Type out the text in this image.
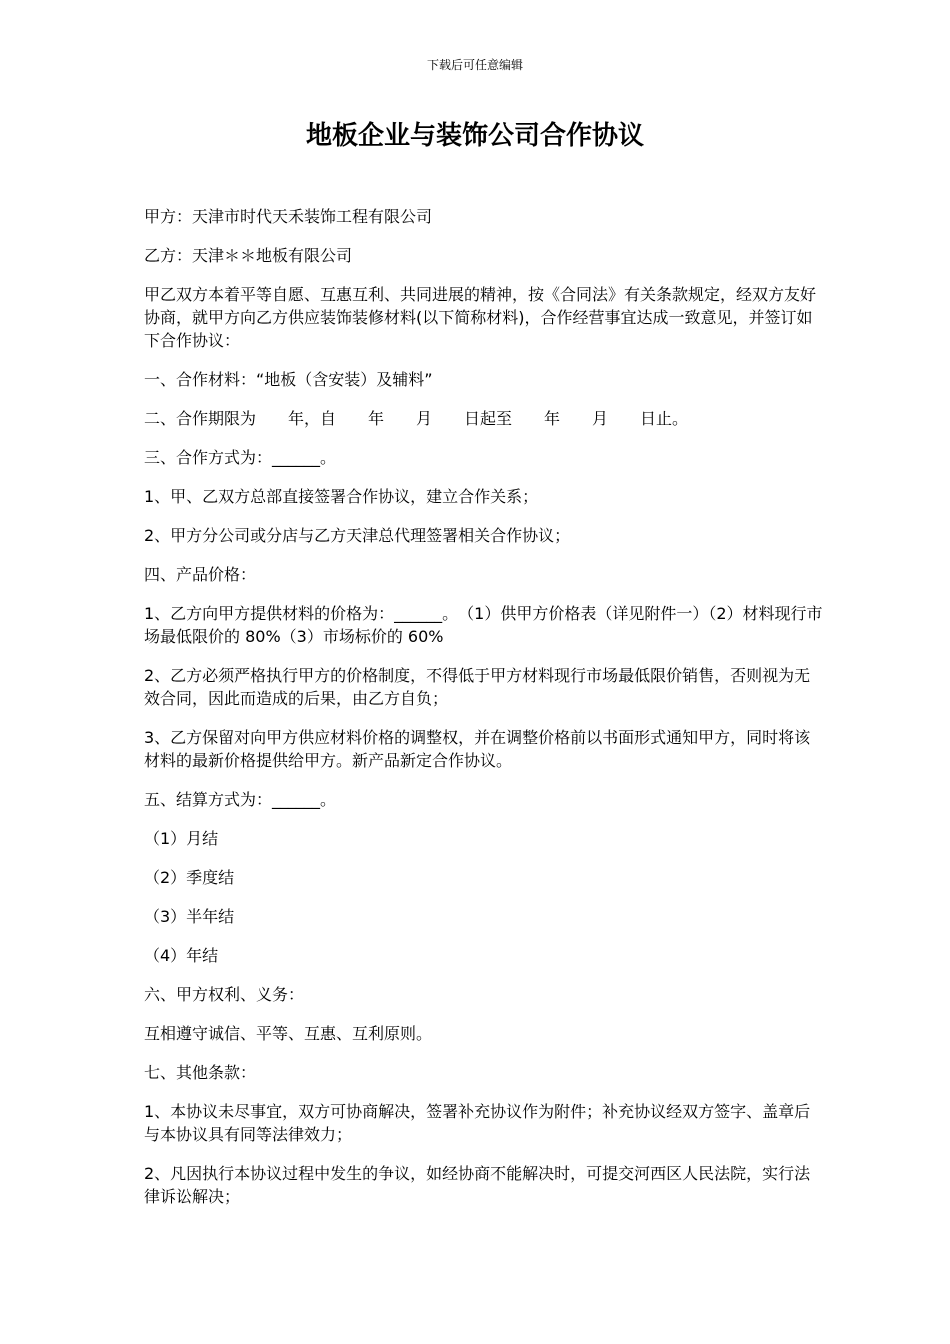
下载后可任意编辑
地板企业与装饰公司合作协议

甲方：天津市时代天禾装饰工程有限公司

乙方：天津＊＊地板有限公司

甲乙双方本着平等自愿、互惠互利、共同进展的精神，按《合同法》有关条款规定，经双方友好协商，就甲方向乙方供应装饰装修材料(以下简称材料)，合作经营事宜达成一致意见，并签订如下合作协议：

一、合作材料：“地板（含安装）及辅料”

二、合作期限为　　年，自　　年　　月　　日起至　　年　　月　　日止。

三、合作方式为：______。

1、甲、乙双方总部直接签署合作协议，建立合作关系；

2、甲方分公司或分店与乙方天津总代理签署相关合作协议；

四、产品价格：

1、乙方向甲方提供材料的价格为：______。　（1）供甲方价格表（详见附件一）（2）材料现行市场最低限价的 80%（3）市场标价的 60%

2、乙方必须严格执行甲方的价格制度，不得低于甲方材料现行市场最低限价销售，否则视为无效合同，因此而造成的后果，由乙方自负；

3、乙方保留对向甲方供应材料价格的调整权，并在调整价格前以书面形式通知甲方，同时将该材料的最新价格提供给甲方。新产品新定合作协议。

五、结算方式为：______。

（1）月结

（2）季度结

（3）半年结

（4）年结

六、甲方权利、义务：

互相遵守诚信、平等、互惠、互利原则。

七、其他条款：

1、本协议未尽事宜，双方可协商解决，签署补充协议作为附件；补充协议经双方签字、盖章后与本协议具有同等法律效力；

2、凡因执行本协议过程中发生的争议，如经协商不能解决时，可提交河西区人民法院，实行法律诉讼解决；
